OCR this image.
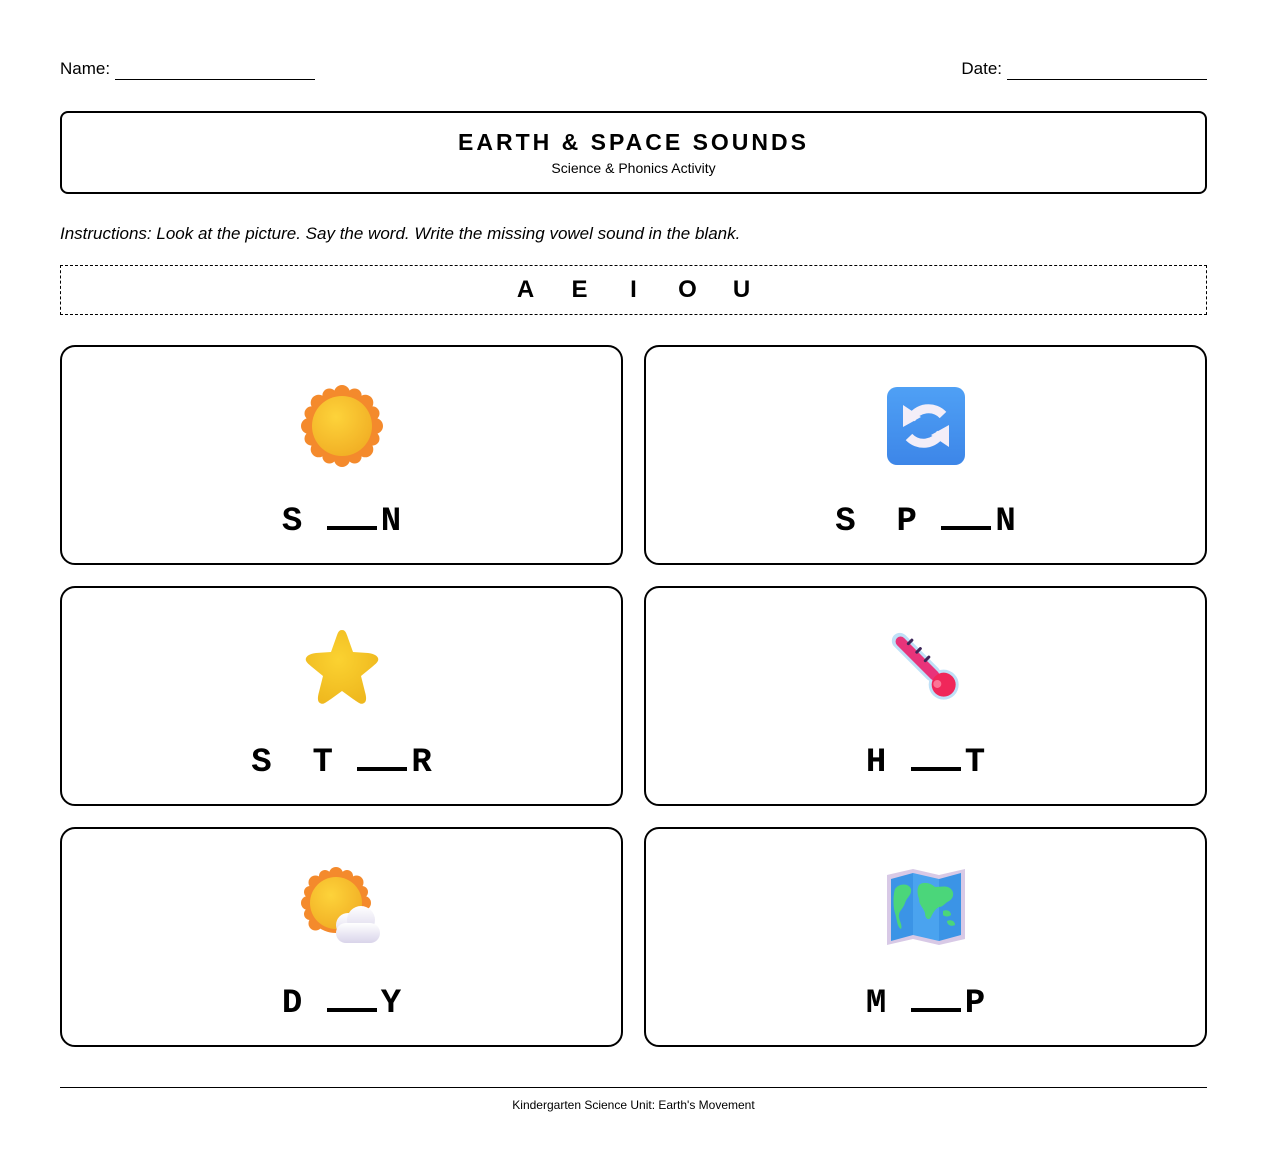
Name:	Date:
EARTH & SPACE SOUNDS
Science & Phonics Activity
Instructions: Look at the picture. Say the word. Write the missing vowel sound in the blank.
A E	I	O U
S N	S  P N
S  T R	H T
D Y	M P
Kindergarten Science Unit: Earth's Movement
